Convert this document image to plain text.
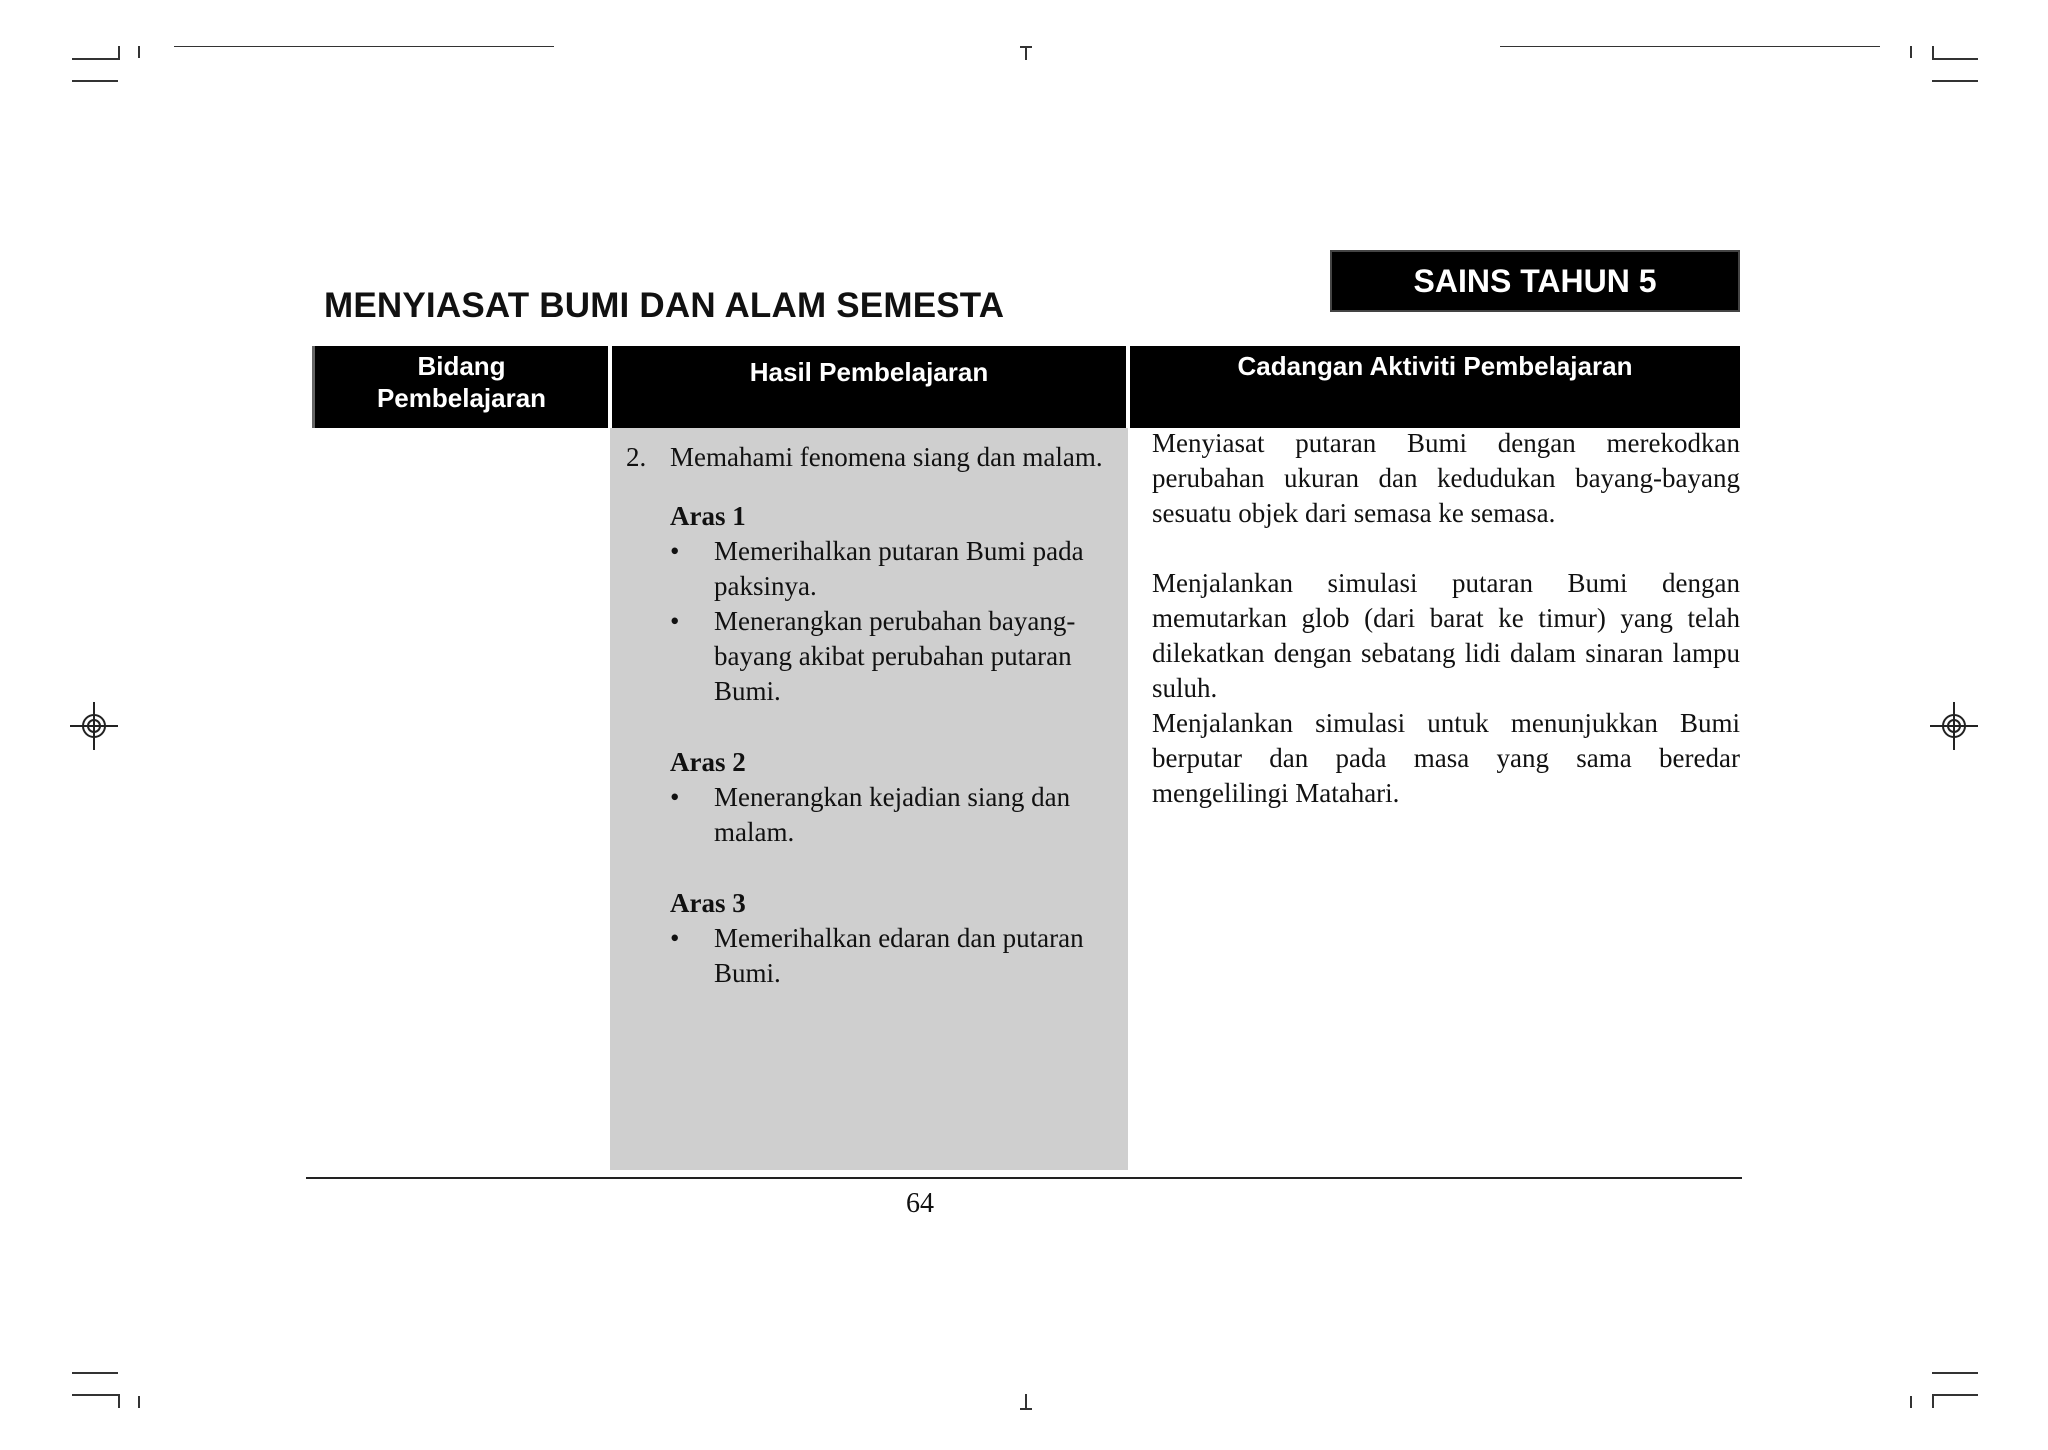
SAINS TAHUN 5
MENYIASAT BUMI DAN ALAM SEMESTA
Bidang
Pembelajaran
Hasil Pembelajaran	Cadangan Aktiviti Pembelajaran
2. Memahami fenomena siang dan malam.
Aras 1
• Memerihalkan putaran Bumi pada paksinya.
• Menerangkan perubahan bayang-bayang akibat perubahan putaran Bumi.
Aras 2
• Menerangkan kejadian siang dan malam.
Aras 3
• Memerihalkan edaran dan putaran Bumi.

Menyiasat putaran Bumi dengan merekodkan perubahan ukuran dan kedudukan bayang-bayang sesuatu objek dari semasa ke semasa.

Menjalankan simulasi putaran Bumi dengan memutarkan glob (dari barat ke timur) yang telah dilekatkan dengan sebatang lidi dalam sinaran lampu suluh.

Menjalankan simulasi untuk menunjukkan Bumi berputar dan pada masa yang sama beredar mengelilingi Matahari.

64
